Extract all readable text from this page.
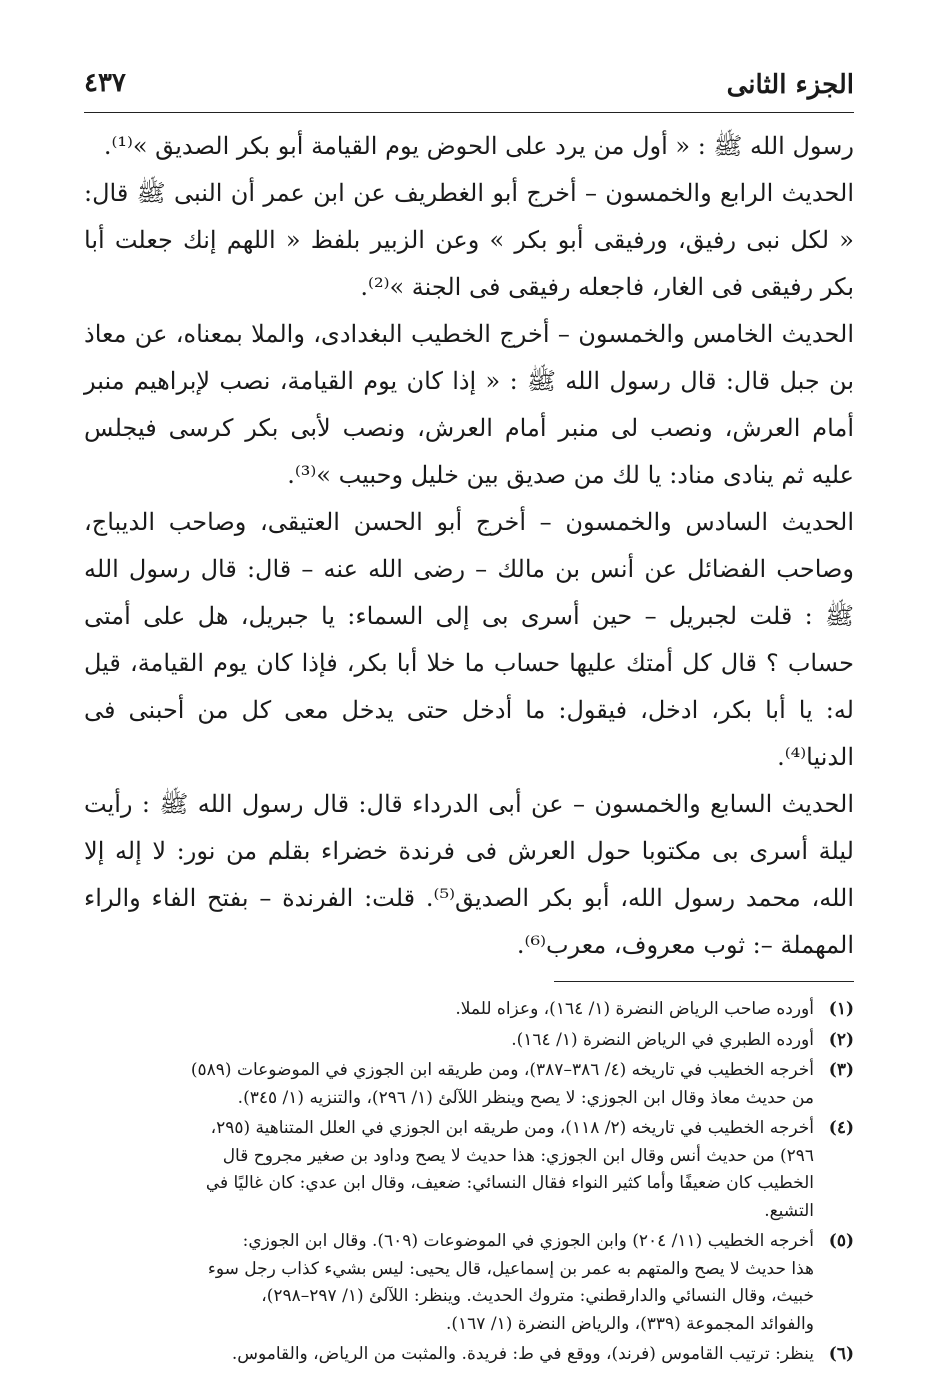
الجزء الثانى
٤٣٧

رسول الله ﷺ : « أول من يرد على الحوض يوم القيامة أبو بكر الصديق »⁽¹⁾.

الحديث الرابع والخمسون – أخرج أبو الغطريف عن ابن عمر أن النبى ﷺ قال: « لكل نبى رفيق، ورفيقى أبو بكر » وعن الزبير بلفظ « اللهم إنك جعلت أبا بكر رفيقى فى الغار، فاجعله رفيقى فى الجنة »⁽²⁾.

الحديث الخامس والخمسون – أخرج الخطيب البغدادى، والملا بمعناه، عن معاذ بن جبل قال: قال رسول الله ﷺ : « إذا كان يوم القيامة، نصب لإبراهيم منبر أمام العرش، ونصب لى منبر أمام العرش، ونصب لأبى بكر كرسى فيجلس عليه ثم ينادى مناد: يا لك من صديق بين خليل وحبيب »⁽³⁾.

الحديث السادس والخمسون – أخرج أبو الحسن العتيقى، وصاحب الديباج، وصاحب الفضائل عن أنس بن مالك – رضى الله عنه – قال: قال رسول الله ﷺ : قلت لجبريل – حين أسرى بى إلى السماء: يا جبريل، هل على أمتى حساب ؟ قال كل أمتك عليها حساب ما خلا أبا بكر، فإذا كان يوم القيامة، قيل له: يا أبا بكر، ادخل، فيقول: ما أدخل حتى يدخل معى كل من أحبنى فى الدنيا⁽⁴⁾.

الحديث السابع والخمسون – عن أبى الدرداء قال: قال رسول الله ﷺ : رأيت ليلة أسرى بى مكتوبا حول العرش فى فرندة خضراء بقلم من نور: لا إله إلا الله، محمد رسول الله، أبو بكر الصديق⁽⁵⁾. قلت: الفرندة – بفتح الفاء والراء المهملة –: ثوب معروف، معرب⁽⁶⁾.

(١)
أورده صاحب الرياض النضرة (١/ ١٦٤)، وعزاه للملا.
(٢)
أورده الطبري في الرياض النضرة (١/ ١٦٤).
(٣)
أخرجه الخطيب في تاريخه (٤/ ٣٨٦–٣٨٧)، ومن طريقه ابن الجوزي في الموضوعات (٥٨٩)
من حديث معاذ وقال ابن الجوزي: لا يصح وينظر اللآلئ (١/ ٢٩٦)، والتنزيه (١/ ٣٤٥).
(٤)
أخرجه الخطيب في تاريخه (٢/ ١١٨)، ومن طريقه ابن الجوزي في العلل المتناهية (٢٩٥،
٢٩٦) من حديث أنس وقال ابن الجوزي: هذا حديث لا يصح وداود بن صغير مجروح قال
الخطيب كان ضعيفًا وأما كثير النواء فقال النسائي: ضعيف، وقال ابن عدي: كان غاليًا في
التشيع.
(٥)
أخرجه الخطيب (١١/ ٢٠٤) وابن الجوزي في الموضوعات (٦٠٩). وقال ابن الجوزي:
هذا حديث لا يصح والمتهم به عمر بن إسماعيل، قال يحيى: ليس بشيء كذاب رجل سوء
خبيث، وقال النسائي والدارقطني: متروك الحديث. وينظر: اللآلئ (١/ ٢٩٧–٢٩٨)،
والفوائد المجموعة (٣٣٩)، والرياض النضرة (١/ ١٦٧).
(٦)
ينظر: ترتيب القاموس (فرند)، ووقع في ط: فريدة. والمثبت من الرياض، والقاموس.
